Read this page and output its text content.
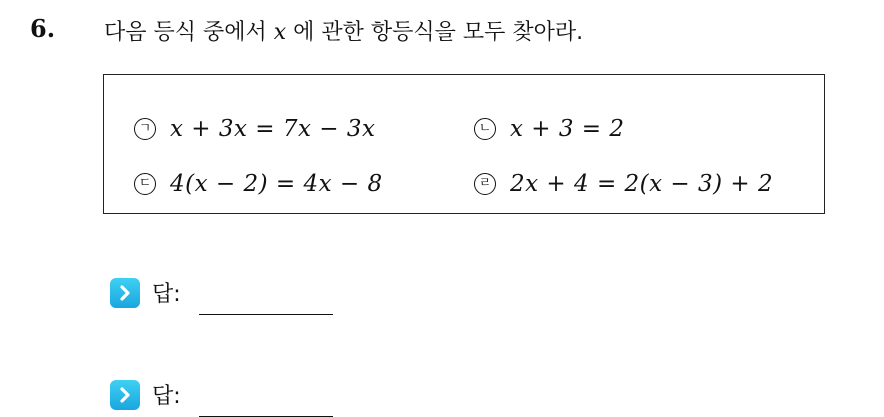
6. 다음 등식 중에서 x 에 관한 항등식을 모두 찾아라.
ㄱ x + 3x = 7x − 3x	ㄴ x + 3 = 2
ㄷ 4(x − 2) = 4x − 8	ㄹ 2x + 4 = 2(x − 3) + 2
답:
답:
